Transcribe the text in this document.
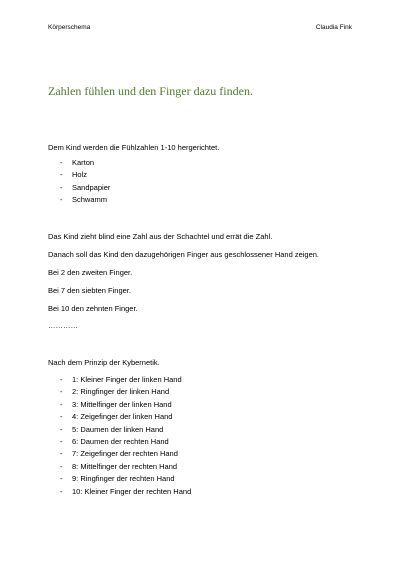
Körperschema	Claudia Fink
Zahlen fühlen und den Finger dazu finden.
Dem Kind werden die Fühlzahlen 1-10 hergerichtet.
- Karton
- Holz
- Sandpapier
- Schwamm
Das Kind zieht blind eine Zahl aus der Schachtel und errät die Zahl.
Danach soll das Kind den dazugehörigen Finger aus geschlossener Hand zeigen.
Bei 2 den zweiten Finger.
Bei 7 den siebten Finger.
Bei 10 den zehnten Finger.
…………
Nach dem Prinzip der Kybernetik.
- 1: Kleiner Finger der linken Hand
- 2: Ringfinger der linken Hand
- 3: Mittelfinger der linken Hand
- 4: Zeigefinger der linken Hand
- 5: Daumen der linken Hand
- 6: Daumen der rechten Hand
- 7: Zeigefinger der rechten Hand
- 8: Mittelfinger der rechten Hand
- 9: Ringfinger der rechten Hand
- 10: Kleiner Finger der rechten Hand
